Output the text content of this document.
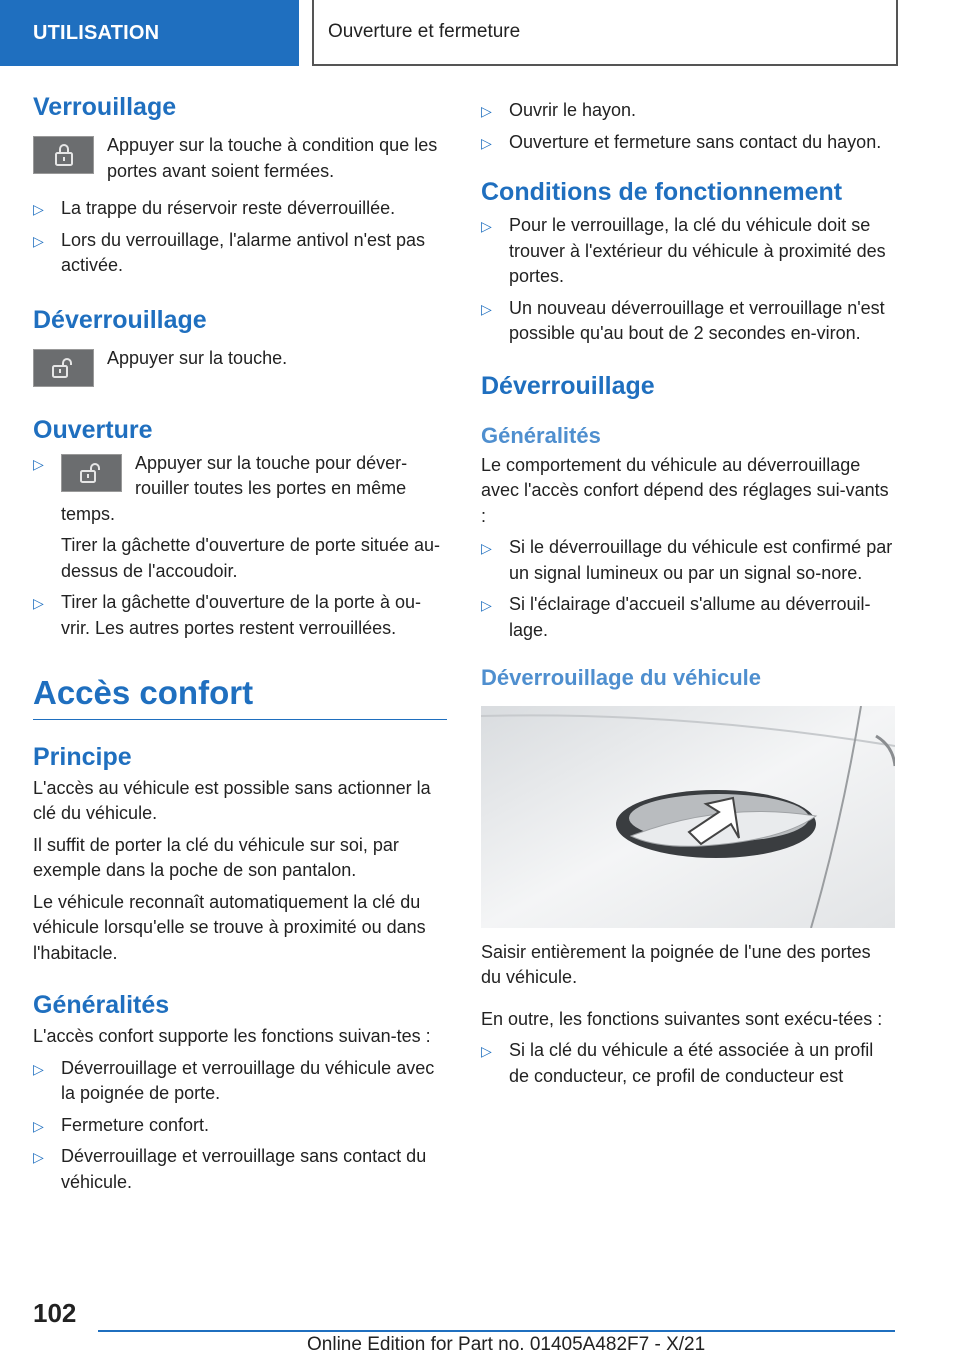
UTILISATION	Ouverture et fermeture
Verrouillage

Appuyer sur la touche à condition que les portes avant soient fermées.

▷ La trappe du réservoir reste déverrouillée.
▷ Lors du verrouillage, l'alarme antivol n'est pas activée.
Déverrouillage

Appuyer sur la touche.

Ouverture
▷	Appuyer sur la touche pour déver-rouiller toutes les portes en même temps.

Tirer la gâchette d'ouverture de porte située au-dessus de l'accoudoir.

▷ Tirer la gâchette d'ouverture de la porte à ou-vrir. Les autres portes restent verrouillées.
Accès confort
Principe

L'accès au véhicule est possible sans actionner la clé du véhicule.

Il suffit de porter la clé du véhicule sur soi, par exemple dans la poche de son pantalon.

Le véhicule reconnaît automatiquement la clé du véhicule lorsqu'elle se trouve à proximité ou dans l'habitacle.

Généralités

L'accès confort supporte les fonctions suivan-tes :

▷ Déverrouillage et verrouillage du véhicule avec la poignée de porte.
▷ Fermeture confort.
▷ Déverrouillage et verrouillage sans contact du véhicule.
▷ Ouvrir le hayon.
▷ Ouverture et fermeture sans contact du hayon.
Conditions de fonctionnement
▷ Pour le verrouillage, la clé du véhicule doit se trouver à l'extérieur du véhicule à proximité des portes.
▷ Un nouveau déverrouillage et verrouillage n'est possible qu'au bout de 2 secondes en-viron.
Déverrouillage
Généralités

Le comportement du véhicule au déverrouillage avec l'accès confort dépend des réglages sui-vants :

▷ Si le déverrouillage du véhicule est confirmé par un signal lumineux ou par un signal so-nore.
▷ Si l'éclairage d'accueil s'allume au déverrouil-lage.
Déverrouillage du véhicule

Saisir entièrement la poignée de l'une des portes du véhicule.

En outre, les fonctions suivantes sont exécu-tées :

▷ Si la clé du véhicule a été associée à un profil de conducteur, ce profil de conducteur est
102
Online Edition for Part no. 01405A482F7 - X/21
